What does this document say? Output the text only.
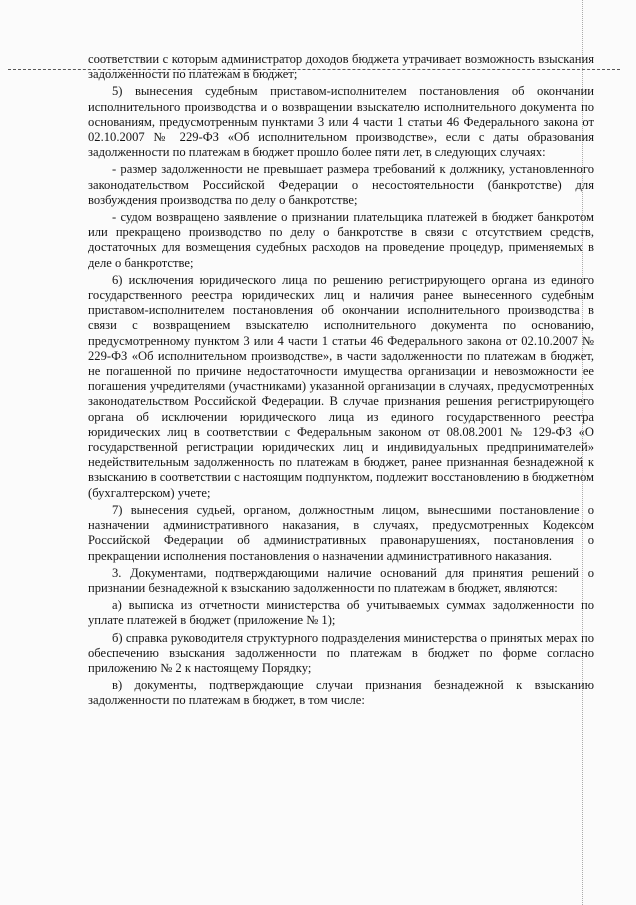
соответствии с которым администратор доходов бюджета утрачивает возможность взыскания задолженности по платежам в бюджет;

5) вынесения судебным приставом-исполнителем постановления об окончании исполнительного производства и о возвращении взыскателю исполнительного документа по основаниям, предусмотренным пунктами 3 или 4 части 1 статьи 46 Федерального закона от 02.10.2007 № 229-ФЗ «Об исполнительном производстве», если с даты образования задолженности по платежам в бюджет прошло более пяти лет, в следующих случаях:

- размер задолженности не превышает размера требований к должнику, установленного законодательством Российской Федерации о несостоятельности (банкротстве) для возбуждения производства по делу о банкротстве;

- судом возвращено заявление о признании плательщика платежей в бюджет банкротом или прекращено производство по делу о банкротстве в связи с отсутствием средств, достаточных для возмещения судебных расходов на проведение процедур, применяемых в деле о банкротстве;

6) исключения юридического лица по решению регистрирующего органа из единого государственного реестра юридических лиц и наличия ранее вынесенного судебным приставом-исполнителем постановления об окончании исполнительного производства в связи с возвращением взыскателю исполнительного документа по основанию, предусмотренному пунктом 3 или 4 части 1 статьи 46 Федерального закона от 02.10.2007 № 229-ФЗ «Об исполнительном производстве», в части задолженности по платежам в бюджет, не погашенной по причине недостаточности имущества организации и невозможности ее погашения учредителями (участниками) указанной организации в случаях, предусмотренных законодательством Российской Федерации. В случае признания решения регистрирующего органа об исключении юридического лица из единого государственного реестра юридических лиц в соответствии с Федеральным законом от 08.08.2001 № 129-ФЗ «О государственной регистрации юридических лиц и индивидуальных предпринимателей» недействительным задолженность по платежам в бюджет, ранее признанная безнадежной к взысканию в соответствии с настоящим подпунктом, подлежит восстановлению в бюджетном (бухгалтерском) учете;

7) вынесения судьей, органом, должностным лицом, вынесшими постановление о назначении административного наказания, в случаях, предусмотренных Кодексом Российской Федерации об административных правонарушениях, постановления о прекращении исполнения постановления о назначении административного наказания.

3. Документами, подтверждающими наличие оснований для принятия решений о признании безнадежной к взысканию задолженности по платежам в бюджет, являются:

а) выписка из отчетности министерства об учитываемых суммах задолженности по уплате платежей в бюджет (приложение № 1);

б) справка руководителя структурного подразделения министерства о принятых мерах по обеспечению взыскания задолженности по платежам в бюджет по форме согласно приложению № 2 к настоящему Порядку;

в) документы, подтверждающие случаи признания безнадежной к взысканию задолженности по платежам в бюджет, в том числе:
